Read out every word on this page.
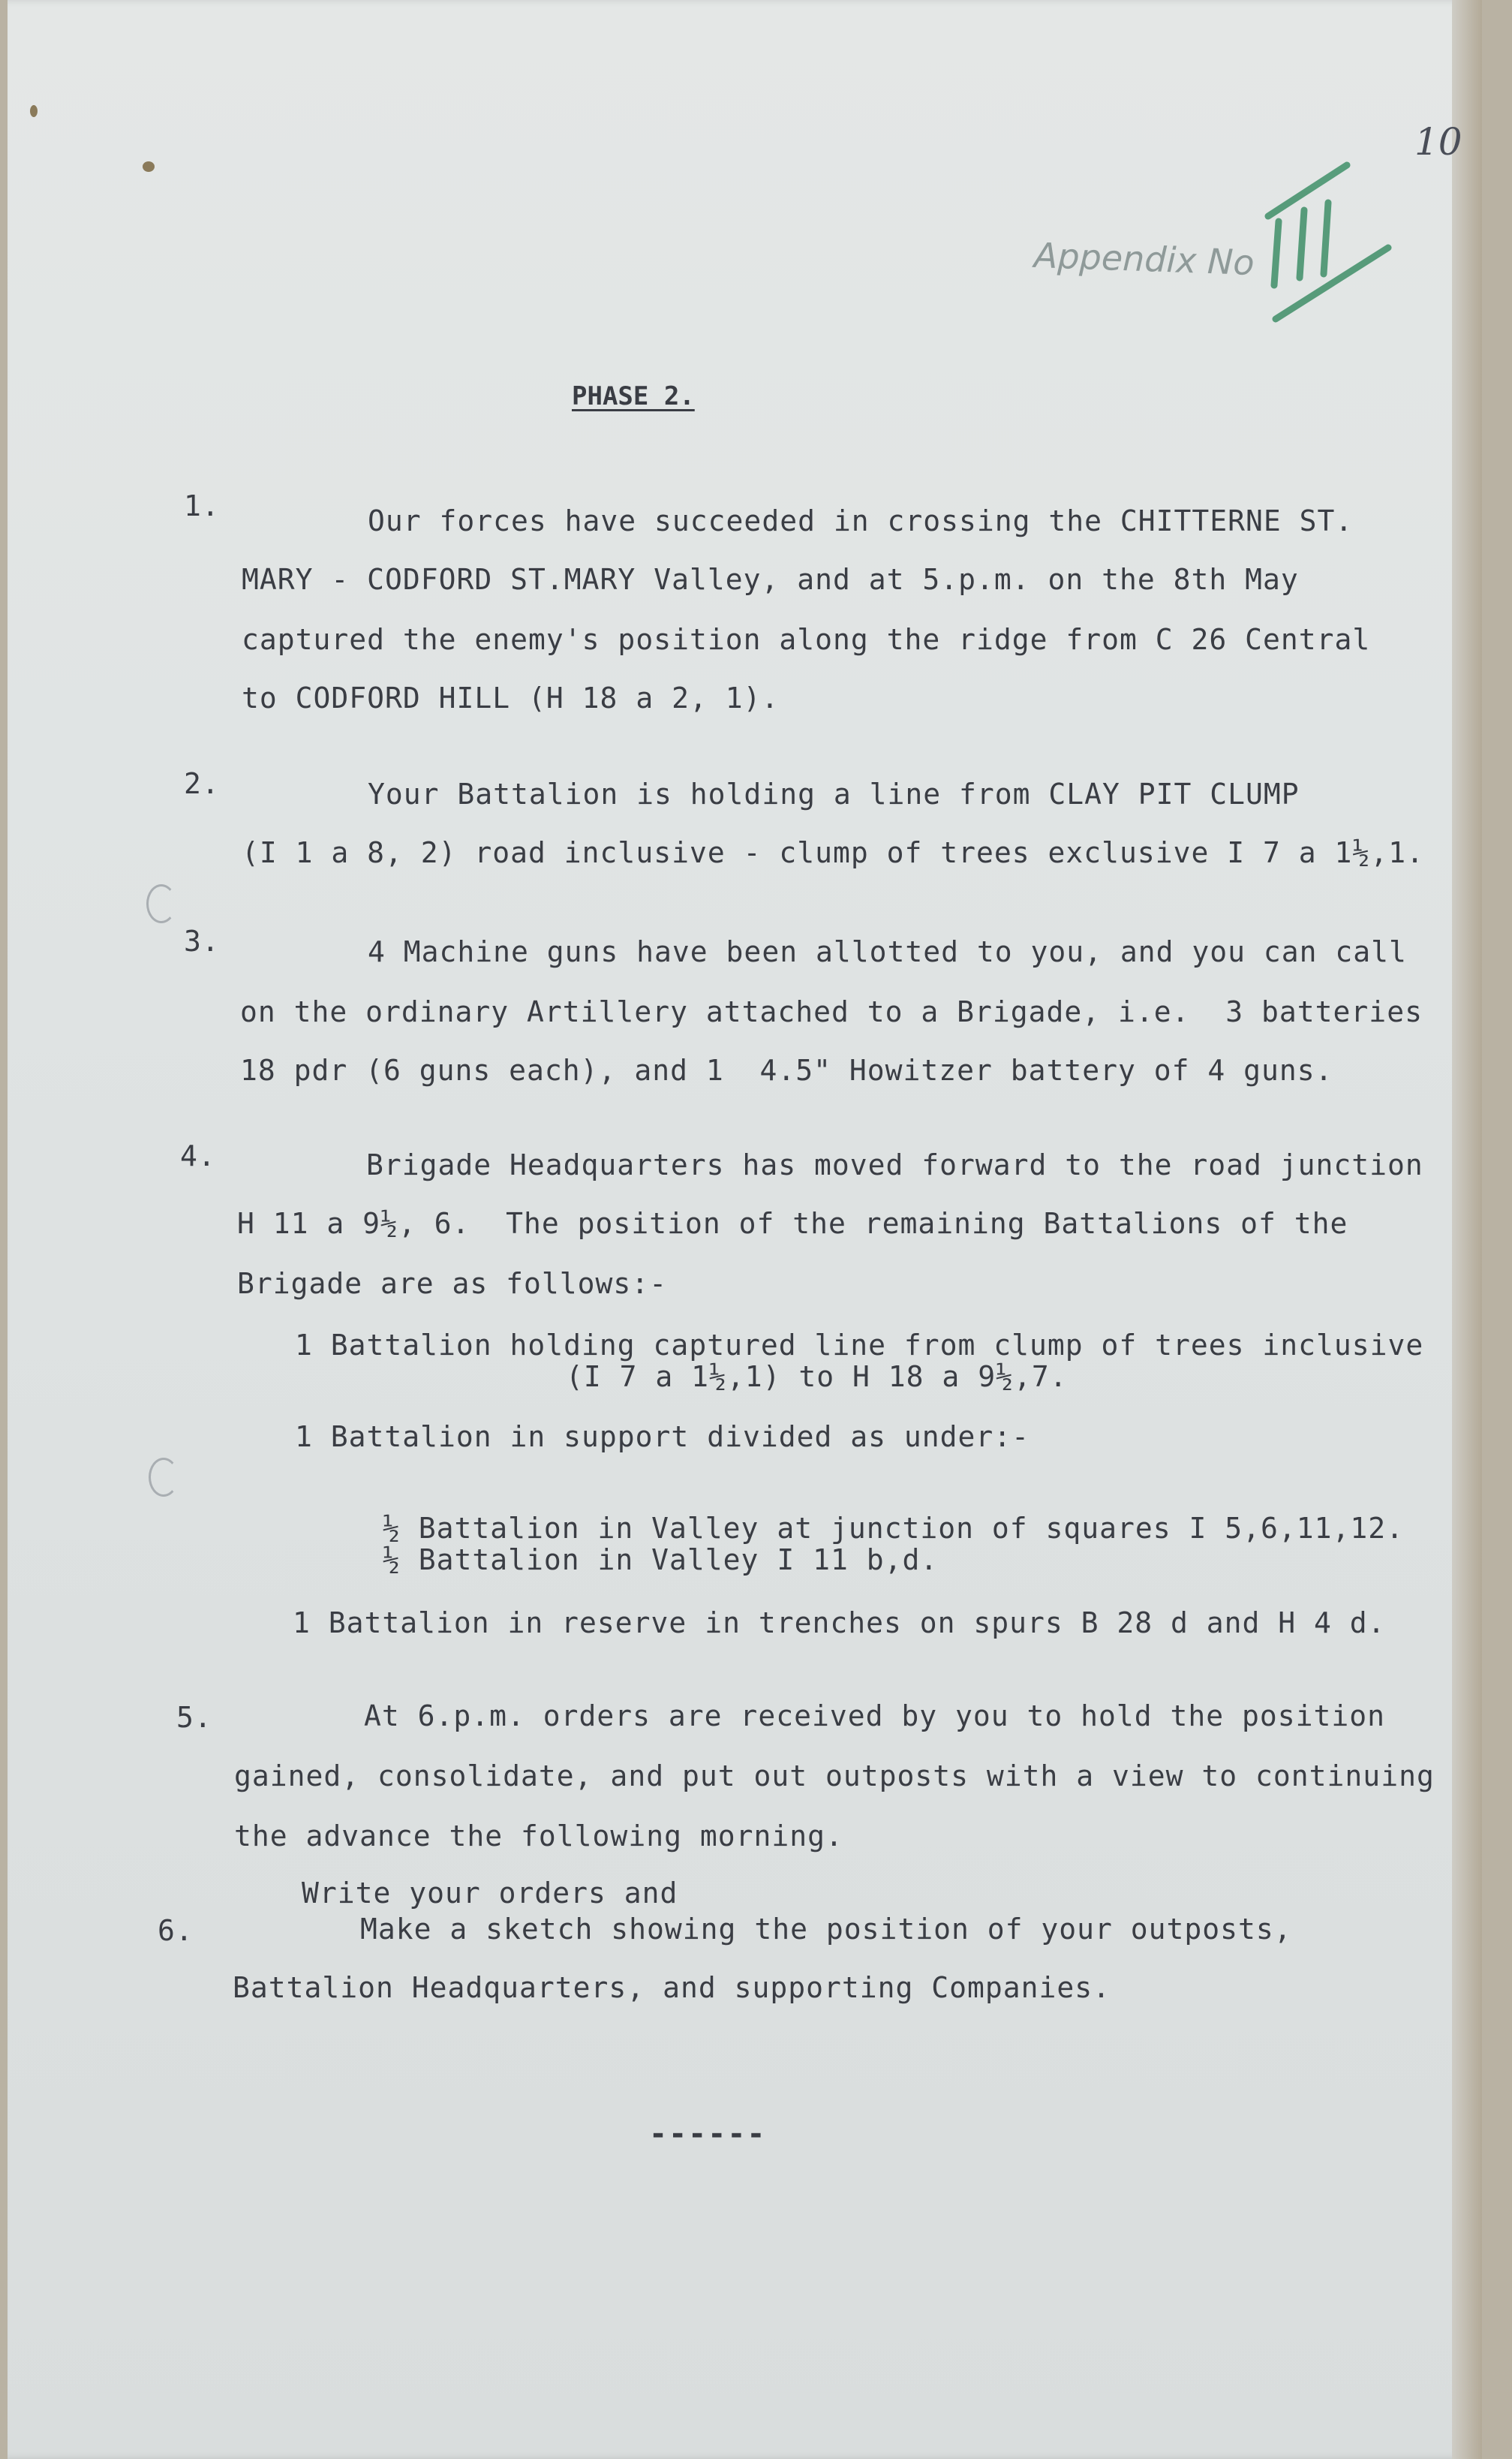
10
Appendix No
PHASE 2.
1.
2.
3.
4.
5.
6.
Our forces have succeeded in crossing the CHITTERNE ST.
MARY - CODFORD ST.MARY Valley, and at 5.p.m. on the 8th May
captured the enemy's position along the ridge from C 26 Central
to CODFORD HILL (H 18 a 2, 1).
Your Battalion is holding a line from CLAY PIT CLUMP
(I 1 a 8, 2) road inclusive - clump of trees exclusive I 7 a 1½,1.
4 Machine guns have been allotted to you, and you can call
on the ordinary Artillery attached to a Brigade, i.e.  3 batteries
18 pdr (6 guns each), and 1  4.5" Howitzer battery of 4 guns.
Brigade Headquarters has moved forward to the road junction
H 11 a 9½, 6.  The position of the remaining Battalions of the
Brigade are as follows:-
1 Battalion holding captured line from clump of trees inclusive
(I 7 a 1½,1) to H 18 a 9½,7.
1 Battalion in support divided as under:-
½ Battalion in Valley at junction of squares I 5,6,11,12.
½ Battalion in Valley I 11 b,d.
1 Battalion in reserve in trenches on spurs B 28 d and H 4 d.
At 6.p.m. orders are received by you to hold the position
gained, consolidate, and put out outposts with a view to continuing
the advance the following morning.
Write your orders and
Make a sketch showing the position of your outposts,
Battalion Headquarters, and supporting Companies.
------
